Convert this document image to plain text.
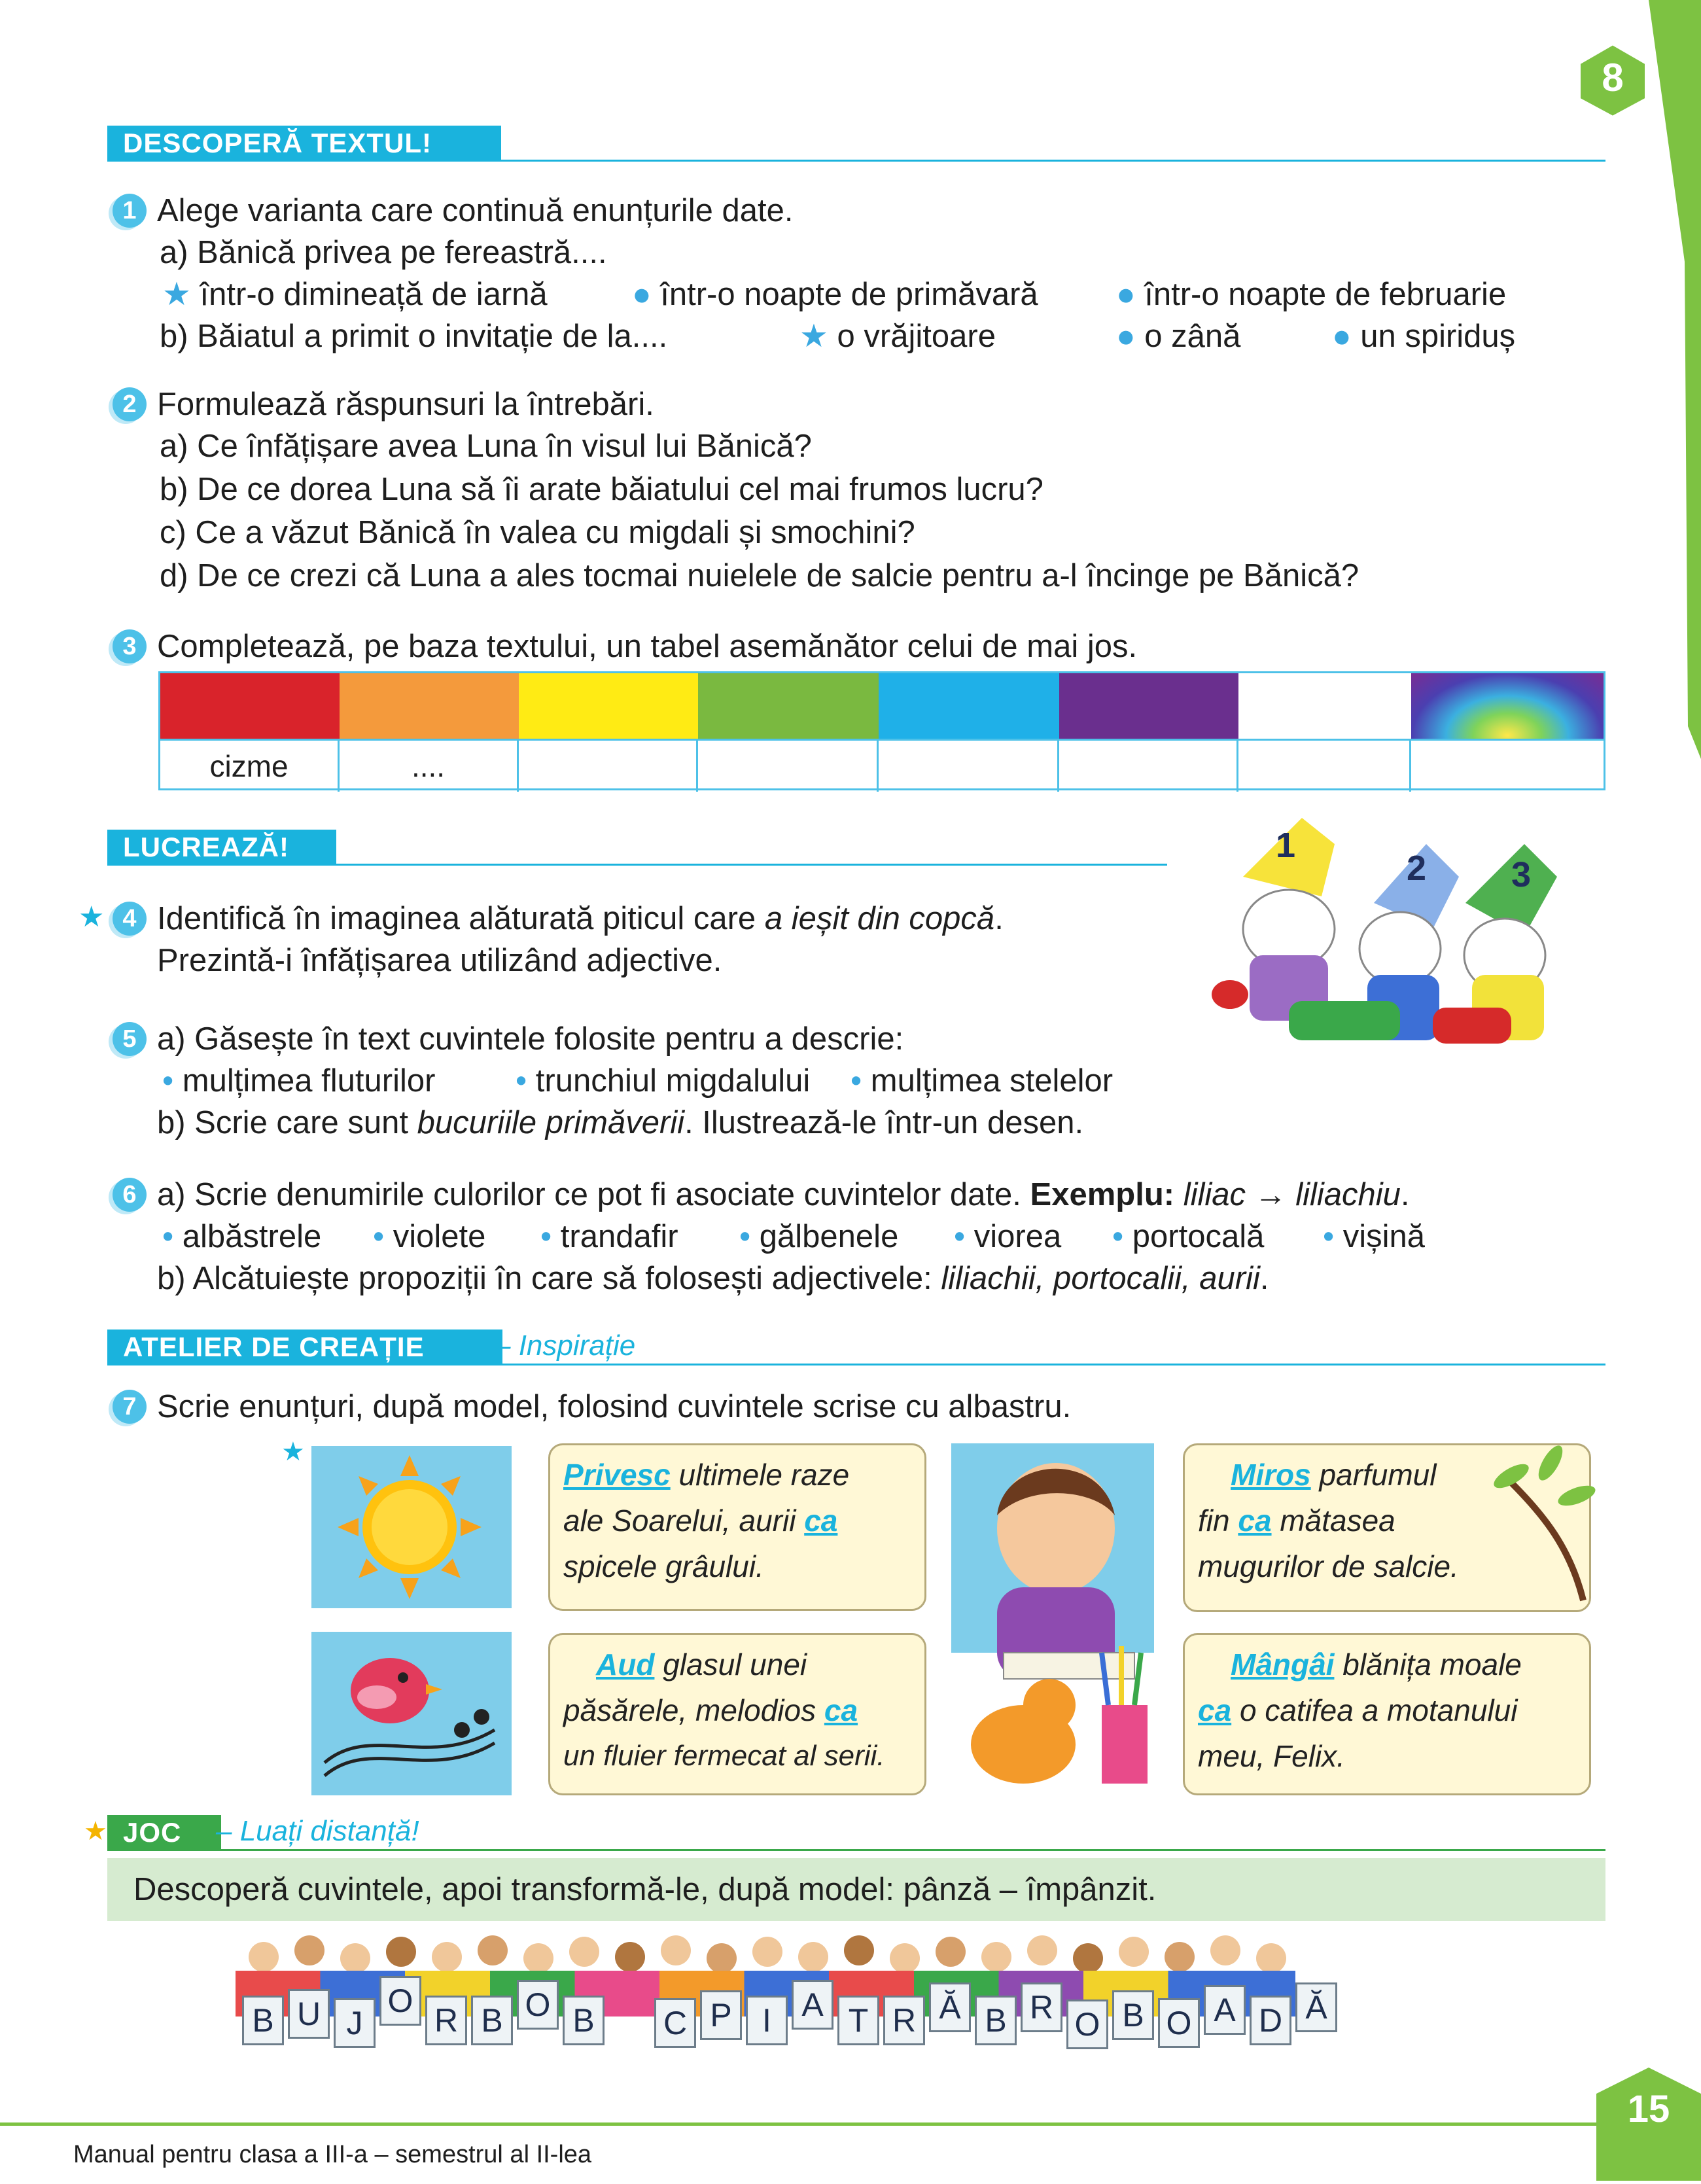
8
DESCOPERĂ TEXTUL!
1 Alege varianta care continuă enunțurile date.
a) Bănică privea pe fereastră....
★ într-o dimineață de iarnă	● într-o noapte de primăvară ● într-o noapte de februarie
b) Băiatul a primit o invitație de la....	★ o vrăjitoare	● o zână	● un spiriduș
2 Formulează răspunsuri la întrebări.
a) Ce înfățișare avea Luna în visul lui Bănică?
b) De ce dorea Luna să îi arate băiatului cel mai frumos lucru?
c) Ce a văzut Bănică în valea cu migdali și smochini?
d) De ce crezi că Luna a ales tocmai nuielele de salcie pentru a-l încinge pe Bănică?
3 Completează, pe baza textului, un tabel asemănător celui de mai jos.
cizme	....
LUCREAZĂ!	1
2 3
★ 4 Identifică în imaginea alăturată piticul care a ieșit din copcă.
Prezintă-i înfățișarea utilizând adjective.
5 a) Găsește în text cuvintele folosite pentru a descrie:
• mulțimea fluturilor	• trunchiul migdalului • mulțimea stelelor
b) Scrie care sunt bucuriile primăverii. Ilustrează-le într-un desen.
6 a) Scrie denumirile culorilor ce pot fi asociate cuvintelor date. Exemplu: liliac → liliachiu.
• albăstrele • violete • trandafir • gălbenele • viorea • portocală • vișină
b) Alcătuiește propoziții în care să folosești adjectivele: liliachii, portocalii, aurii.
ATELIER DE CREAȚIE	– Inspirație
7 Scrie enunțuri, după model, folosind cuvintele scrise cu albastru.
★
Privesc ultimele raze
ale Soarelui, aurii ca
spicele grâului.
Aud glasul unei
păsărele, melodios ca
un fluier fermecat al serii.
Miros parfumul
fin ca mătasea
mugurilor de salcie.
Mângâi blănița moale
ca o catifea a motanului
meu, Felix.
★ JOC	– Luați distanță!
Descoperă cuvintele, apoi transformă-le, după model: pânză – împânzit.
B U J
O
R B O B	C P I A T R Ă B R O B O A D Ă
Manual pentru clasa a III-a – semestrul al II-lea
15
